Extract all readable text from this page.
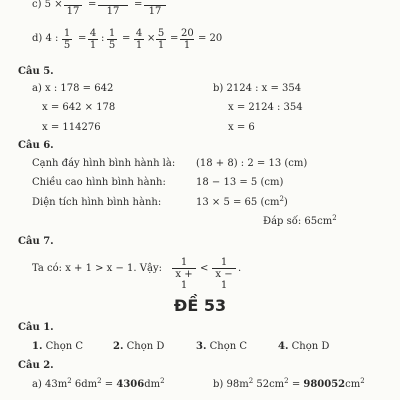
c) 5 ×

17
=

17
=

17
d) 4 : $\frac{1}{5} = \frac{4}{1}$ : $\frac{1}{5} = \frac{4}{1} \times \frac{5}{1} = \frac{20}{1} = 20$
Câu 5.
a) x : 178 = 642
x = 642 × 178
x = 114276
b) 2124 : x = 354
x = 2124 : 354
x = 6
Câu 6.
Cạnh đáy hình bình hành là: (18 + 8) : 2 = 13 (cm)
Chiều cao hình bình hành:	18 − 13 = 5 (cm)
Diện tích hình bình hành:	13 × 5 = 65 $(cm^2)$
Đáp số: $65cm^2$
Câu 7.
Ta có: x + 1 > x − 1. Vậy: $\frac{1}{x + 1} < \frac{1}{x - 1}$ .
ĐỀ 53
Câu 1.
1. Chọn C	2. Chọn D	3. Chọn C	4. Chọn D
Câu 2.
a) $43m^2$ $6dm^2 = 4306dm^2$	b) $98m^2$ $52cm^2 = 980052cm^2$
